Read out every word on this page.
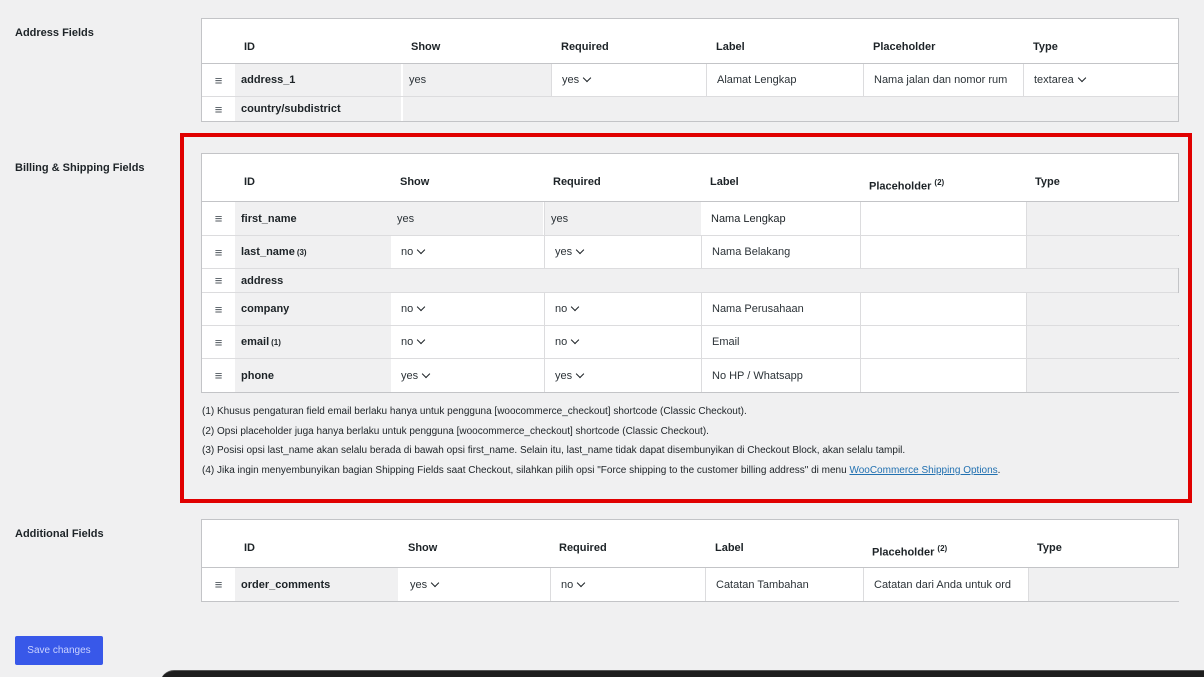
Address Fields
Billing & Shipping Fields
Additional Fields
ID	Show	Required	Label	Placeholder	Type
≡	address_1	yes	yes	Alamat Lengkap	Nama jalan dan nomor rum	textarea
≡	country/subdistrict
ID	Show	Required	Label	Placeholder $^{(2)}$	Type
≡	first_name	yes	yes	Nama Lengkap
≡	last_name (3)	no	yes	Nama Belakang
≡	address
≡	company	no	no	Nama Perusahaan
≡	email (1)	no	no	Email
≡	phone	yes	yes	No HP / Whatsapp

(1) Khusus pengaturan field email berlaku hanya untuk pengguna [woocommerce_checkout] shortcode (Classic Checkout).

(2) Opsi placeholder juga hanya berlaku untuk pengguna [woocommerce_checkout] shortcode (Classic Checkout).

(3) Posisi opsi last_name akan selalu berada di bawah opsi first_name. Selain itu, last_name tidak dapat disembunyikan di Checkout Block, akan selalu tampil.

(4) Jika ingin menyembunyikan bagian Shipping Fields saat Checkout, silahkan pilih opsi "Force shipping to the customer billing address" di menu WooCommerce Shipping Options.

ID	Show	Required	Label	Placeholder $^{(2)}$	Type
≡	order_comments	yes	no	Catatan Tambahan	Catatan dari Anda untuk ord
Save changes
